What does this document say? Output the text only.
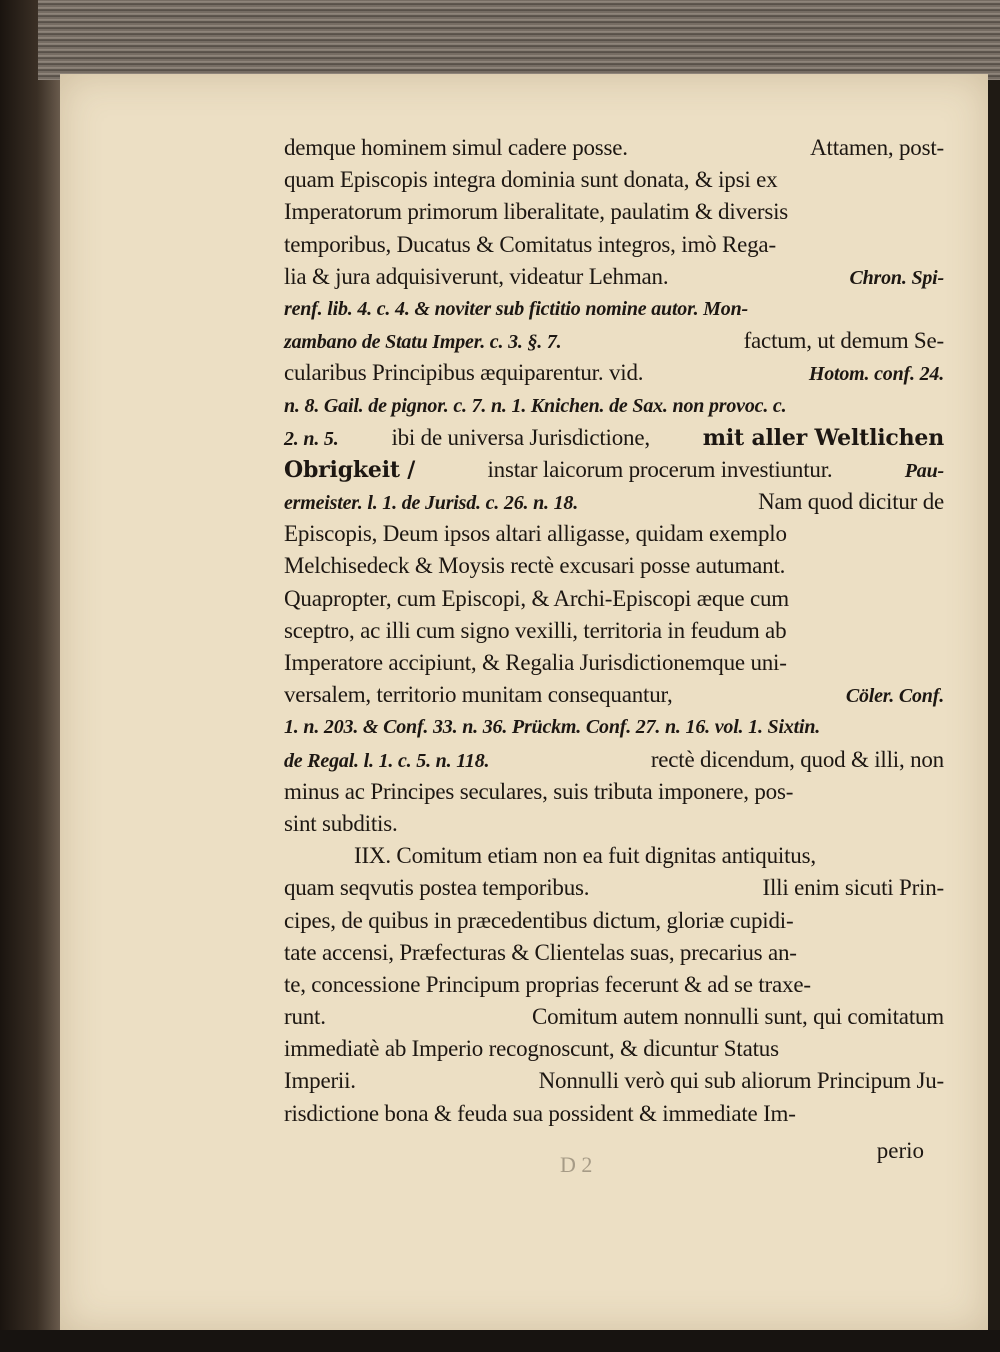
demque hominem simul cadere posse.	Attamen, post-
quam Episcopis integra dominia sunt donata, & ipsi ex
Imperatorum primorum liberalitate, paulatim & diversis
temporibus, Ducatus & Comitatus integros, imò Rega-
lia & jura adquisiverunt, videatur Lehman.	Chron. Spi-
renf. lib. 4. c. 4. & noviter sub fictitio nomine autor. Mon-
zambano de Statu Imper. c. 3. §. 7.	factum, ut demum Se-
cularibus Principibus æquiparentur. vid.	Hotom. conf. 24.
n. 8. Gail. de pignor. c. 7. n. 1. Knichen. de Sax. non provoc. c.
2. n. 5. ibi de universa Jurisdictione, mit aller Weltlichen
Obrigkeit /	instar laicorum procerum investiuntur.	Pau-
ermeister. l. 1. de Jurisd. c. 26. n. 18.	Nam quod dicitur de
Episcopis, Deum ipsos altari alligasse, quidam exemplo
Melchisedeck & Moysis rectè excusari posse autumant.
Quapropter, cum Episcopi, & Archi-Episcopi æque cum
sceptro, ac illi cum signo vexilli, territoria in feudum ab
Imperatore accipiunt, & Regalia Jurisdictionemque uni-
versalem, territorio munitam consequantur,	Cöler. Conf.
1. n. 203. & Conf. 33. n. 36. Prückm. Conf. 27. n. 16. vol. 1. Sixtin.
de Regal. l. 1. c. 5. n. 118.	rectè dicendum, quod & illi, non
minus ac Principes seculares, suis tributa imponere, pos-
sint subditis.
IIX. Comitum etiam non ea fuit dignitas antiquitus,
quam seqvutis postea temporibus.	Illi enim sicuti Prin-
cipes, de quibus in præcedentibus dictum, gloriæ cupidi-
tate accensi, Præfecturas & Clientelas suas, precarius an-
te, concessione Principum proprias fecerunt & ad se traxe-
runt.	Comitum autem nonnulli sunt, qui comitatum
immediatè ab Imperio recognoscunt, & dicuntur Status
Imperii.	Nonnulli verò qui sub aliorum Principum Ju-
risdictione bona & feuda sua possident & immediate Im-
D 2
perio
